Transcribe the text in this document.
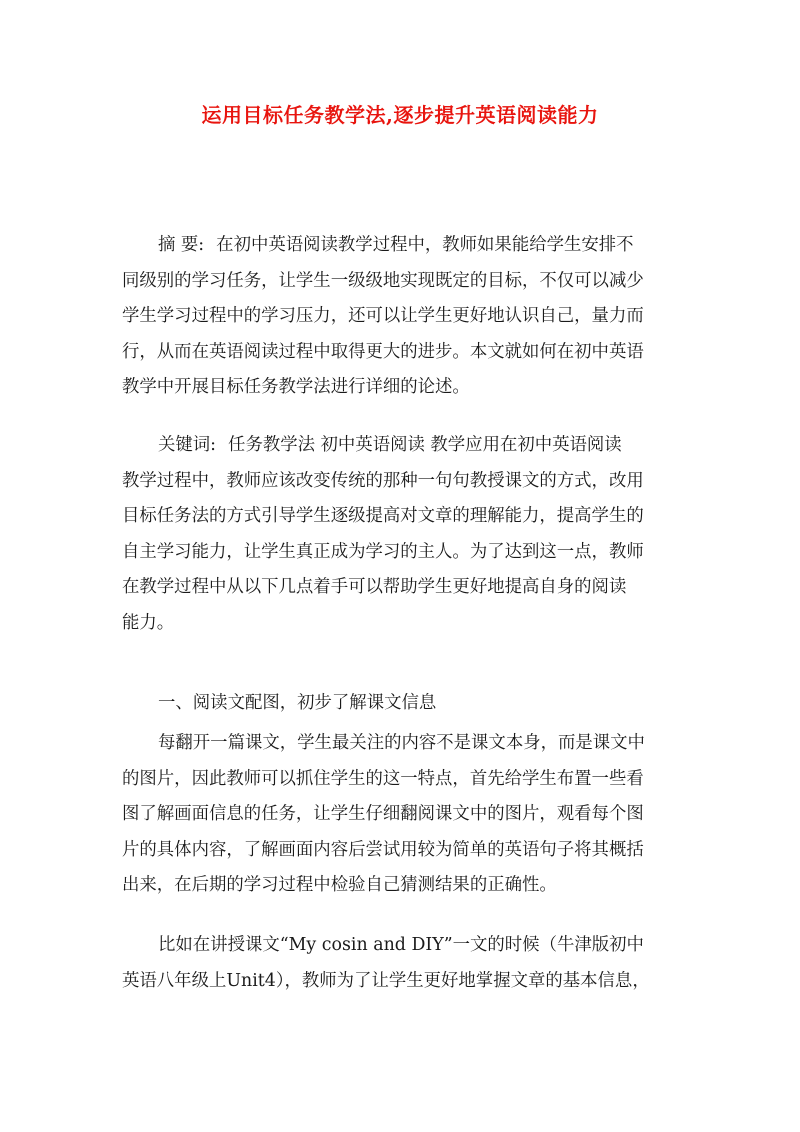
运用目标任务教学法,逐步提升英语阅读能力
摘 要: 在初中英语阅读教学过程中，教师如果能给学生安排不
同级别的学习任务，让学生一级级地实现既定的目标，不仅可以减少
学生学习过程中的学习压力，还可以让学生更好地认识自己，量力而
行，从而在英语阅读过程中取得更大的进步。本文就如何在初中英语
教学中开展目标任务教学法进行详细的论述。
关键词: 任务教学法 初中英语阅读 教学应用在初中英语阅读
教学过程中，教师应该改变传统的那种一句句教授课文的方式，改用
目标任务法的方式引导学生逐级提高对文章的理解能力，提高学生的
自主学习能力，让学生真正成为学习的主人。为了达到这一点，教师
在教学过程中从以下几点着手可以帮助学生更好地提高自身的阅读
能力。
一、阅读文配图，初步了解课文信息
每翻开一篇课文，学生最关注的内容不是课文本身，而是课文中
的图片，因此教师可以抓住学生的这一特点，首先给学生布置一些看
图了解画面信息的任务，让学生仔细翻阅课文中的图片，观看每个图
片的具体内容，了解画面内容后尝试用较为简单的英语句子将其概括
出来，在后期的学习过程中检验自己猜测结果的正确性。
比如在讲授课文“My cosin and DIY”一文的时候（牛津版初中
英语八年级上Unit4），教师为了让学生更好地掌握文章的基本信息，
